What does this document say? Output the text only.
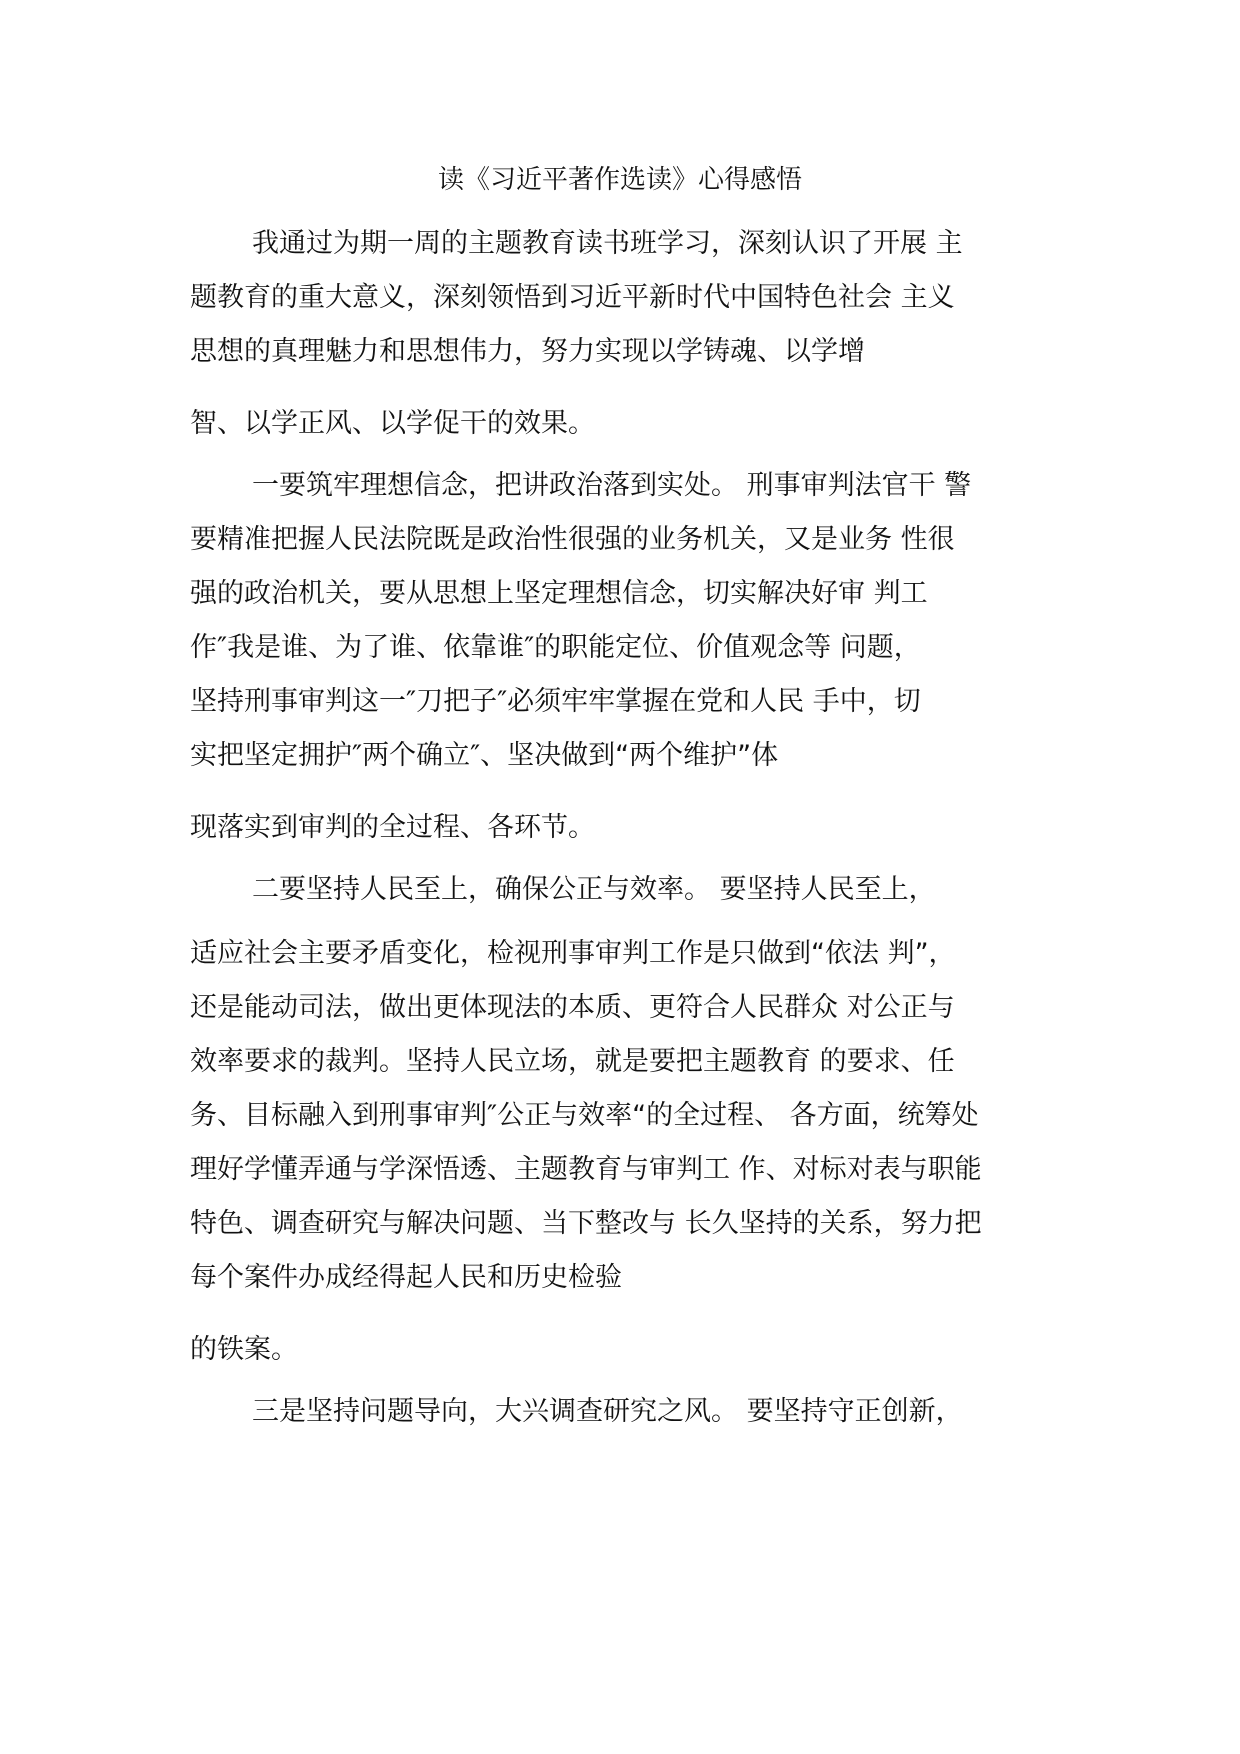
读《习近平著作选读》心得感悟
我通过为期一周的主题教育读书班学习，深刻认识了开展 主
题教育的重大意义，深刻领悟到习近平新时代中国特色社会 主义
思想的真理魅力和思想伟力，努力实现以学铸魂、以学增
智、以学正风、以学促干的效果。
一要筑牢理想信念，把讲政治落到实处。 刑事审判法官干 警
要精准把握人民法院既是政治性很强的业务机关，又是业务 性很
强的政治机关，要从思想上坚定理想信念，切实解决好审 判工
作″我是谁、为了谁、依靠谁″的职能定位、价值观念等 问题，
坚持刑事审判这一″刀把子″必须牢牢掌握在党和人民 手中，切
实把坚定拥护″两个确立″、坚决做到“两个维护”体
现落实到审判的全过程、各环节。
二要坚持人民至上，确保公正与效率。 要坚持人民至上，
适应社会主要矛盾变化，检视刑事审判工作是只做到“依法 判”，
还是能动司法，做出更体现法的本质、更符合人民群众 对公正与
效率要求的裁判。坚持人民立场，就是要把主题教育 的要求、任
务、目标融入到刑事审判″公正与效率“的全过程、 各方面，统筹处
理好学懂弄通与学深悟透、主题教育与审判工 作、对标对表与职能
特色、调查研究与解决问题、当下整改与 长久坚持的关系，努力把
每个案件办成经得起人民和历史检验
的铁案。
三是坚持问题导向，大兴调查研究之风。 要坚持守正创新，
